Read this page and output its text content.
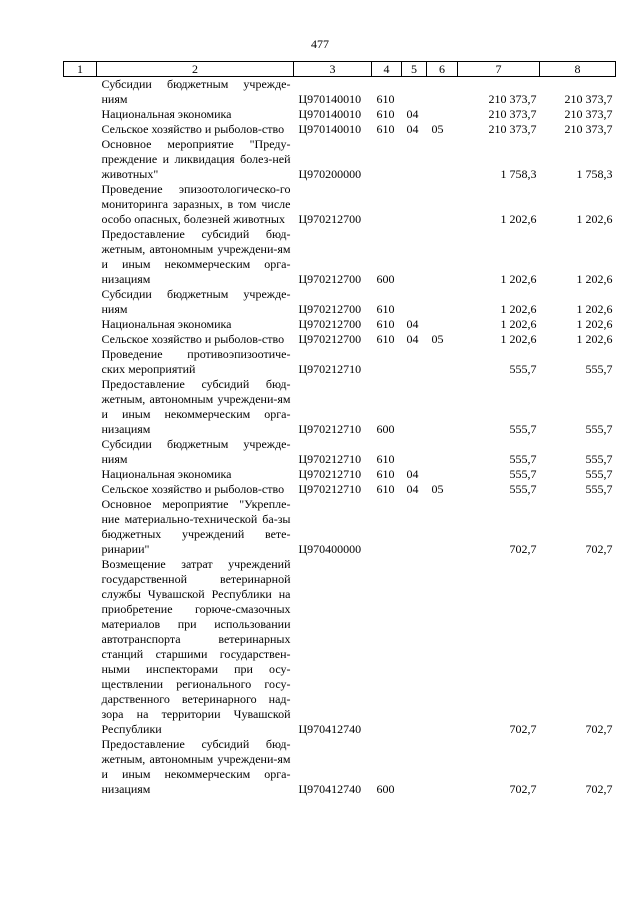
477
1	2	3	4	5	6	7	8
	Субсидии бюджетным учрежде-ниям	Ц970140010	610			210 373,7	210 373,7
	Национальная экономика	Ц970140010	610	04		210 373,7	210 373,7
	Сельское хозяйство и рыболов-ство	Ц970140010	610	04	05	210 373,7	210 373,7
	Основное мероприятие "Преду-преждение и ликвидация болез-ней животных"	Ц970200000				1 758,3	1 758,3
	Проведение эпизоотологическо-го мониторинга заразных, в том числе особо опасных, болезней животных	Ц970212700				1 202,6	1 202,6
	Предоставление субсидий бюд-жетным, автономным учреждени-ям и иным некоммерческим орга-низациям	Ц970212700	600			1 202,6	1 202,6
	Субсидии бюджетным учрежде-ниям	Ц970212700	610			1 202,6	1 202,6
	Национальная экономика	Ц970212700	610	04		1 202,6	1 202,6
	Сельское хозяйство и рыболов-ство	Ц970212700	610	04	05	1 202,6	1 202,6
	Проведение противоэпизоотиче-ских мероприятий	Ц970212710				555,7	555,7
	Предоставление субсидий бюд-жетным, автономным учреждени-ям и иным некоммерческим орга-низациям	Ц970212710	600			555,7	555,7
	Субсидии бюджетным учрежде-ниям	Ц970212710	610			555,7	555,7
	Национальная экономика	Ц970212710	610	04		555,7	555,7
	Сельское хозяйство и рыболов-ство	Ц970212710	610	04	05	555,7	555,7
	Основное мероприятие "Укрепле-ние материально-технической ба-зы бюджетных учреждений вете-ринарии"	Ц970400000				702,7	702,7
	Возмещение затрат учреждений государственной ветеринарной службы Чувашской Республики на приобретение горюче-смазочных материалов при использовании автотранспорта ветеринарных станций старшими государствен-ными инспекторами при осу-ществлении регионального госу-дарственного ветеринарного над-зора на территории Чувашской Республики	Ц970412740				702,7	702,7
	Предоставление субсидий бюд-жетным, автономным учреждени-ям и иным некоммерческим орга-низациям	Ц970412740	600			702,7	702,7
